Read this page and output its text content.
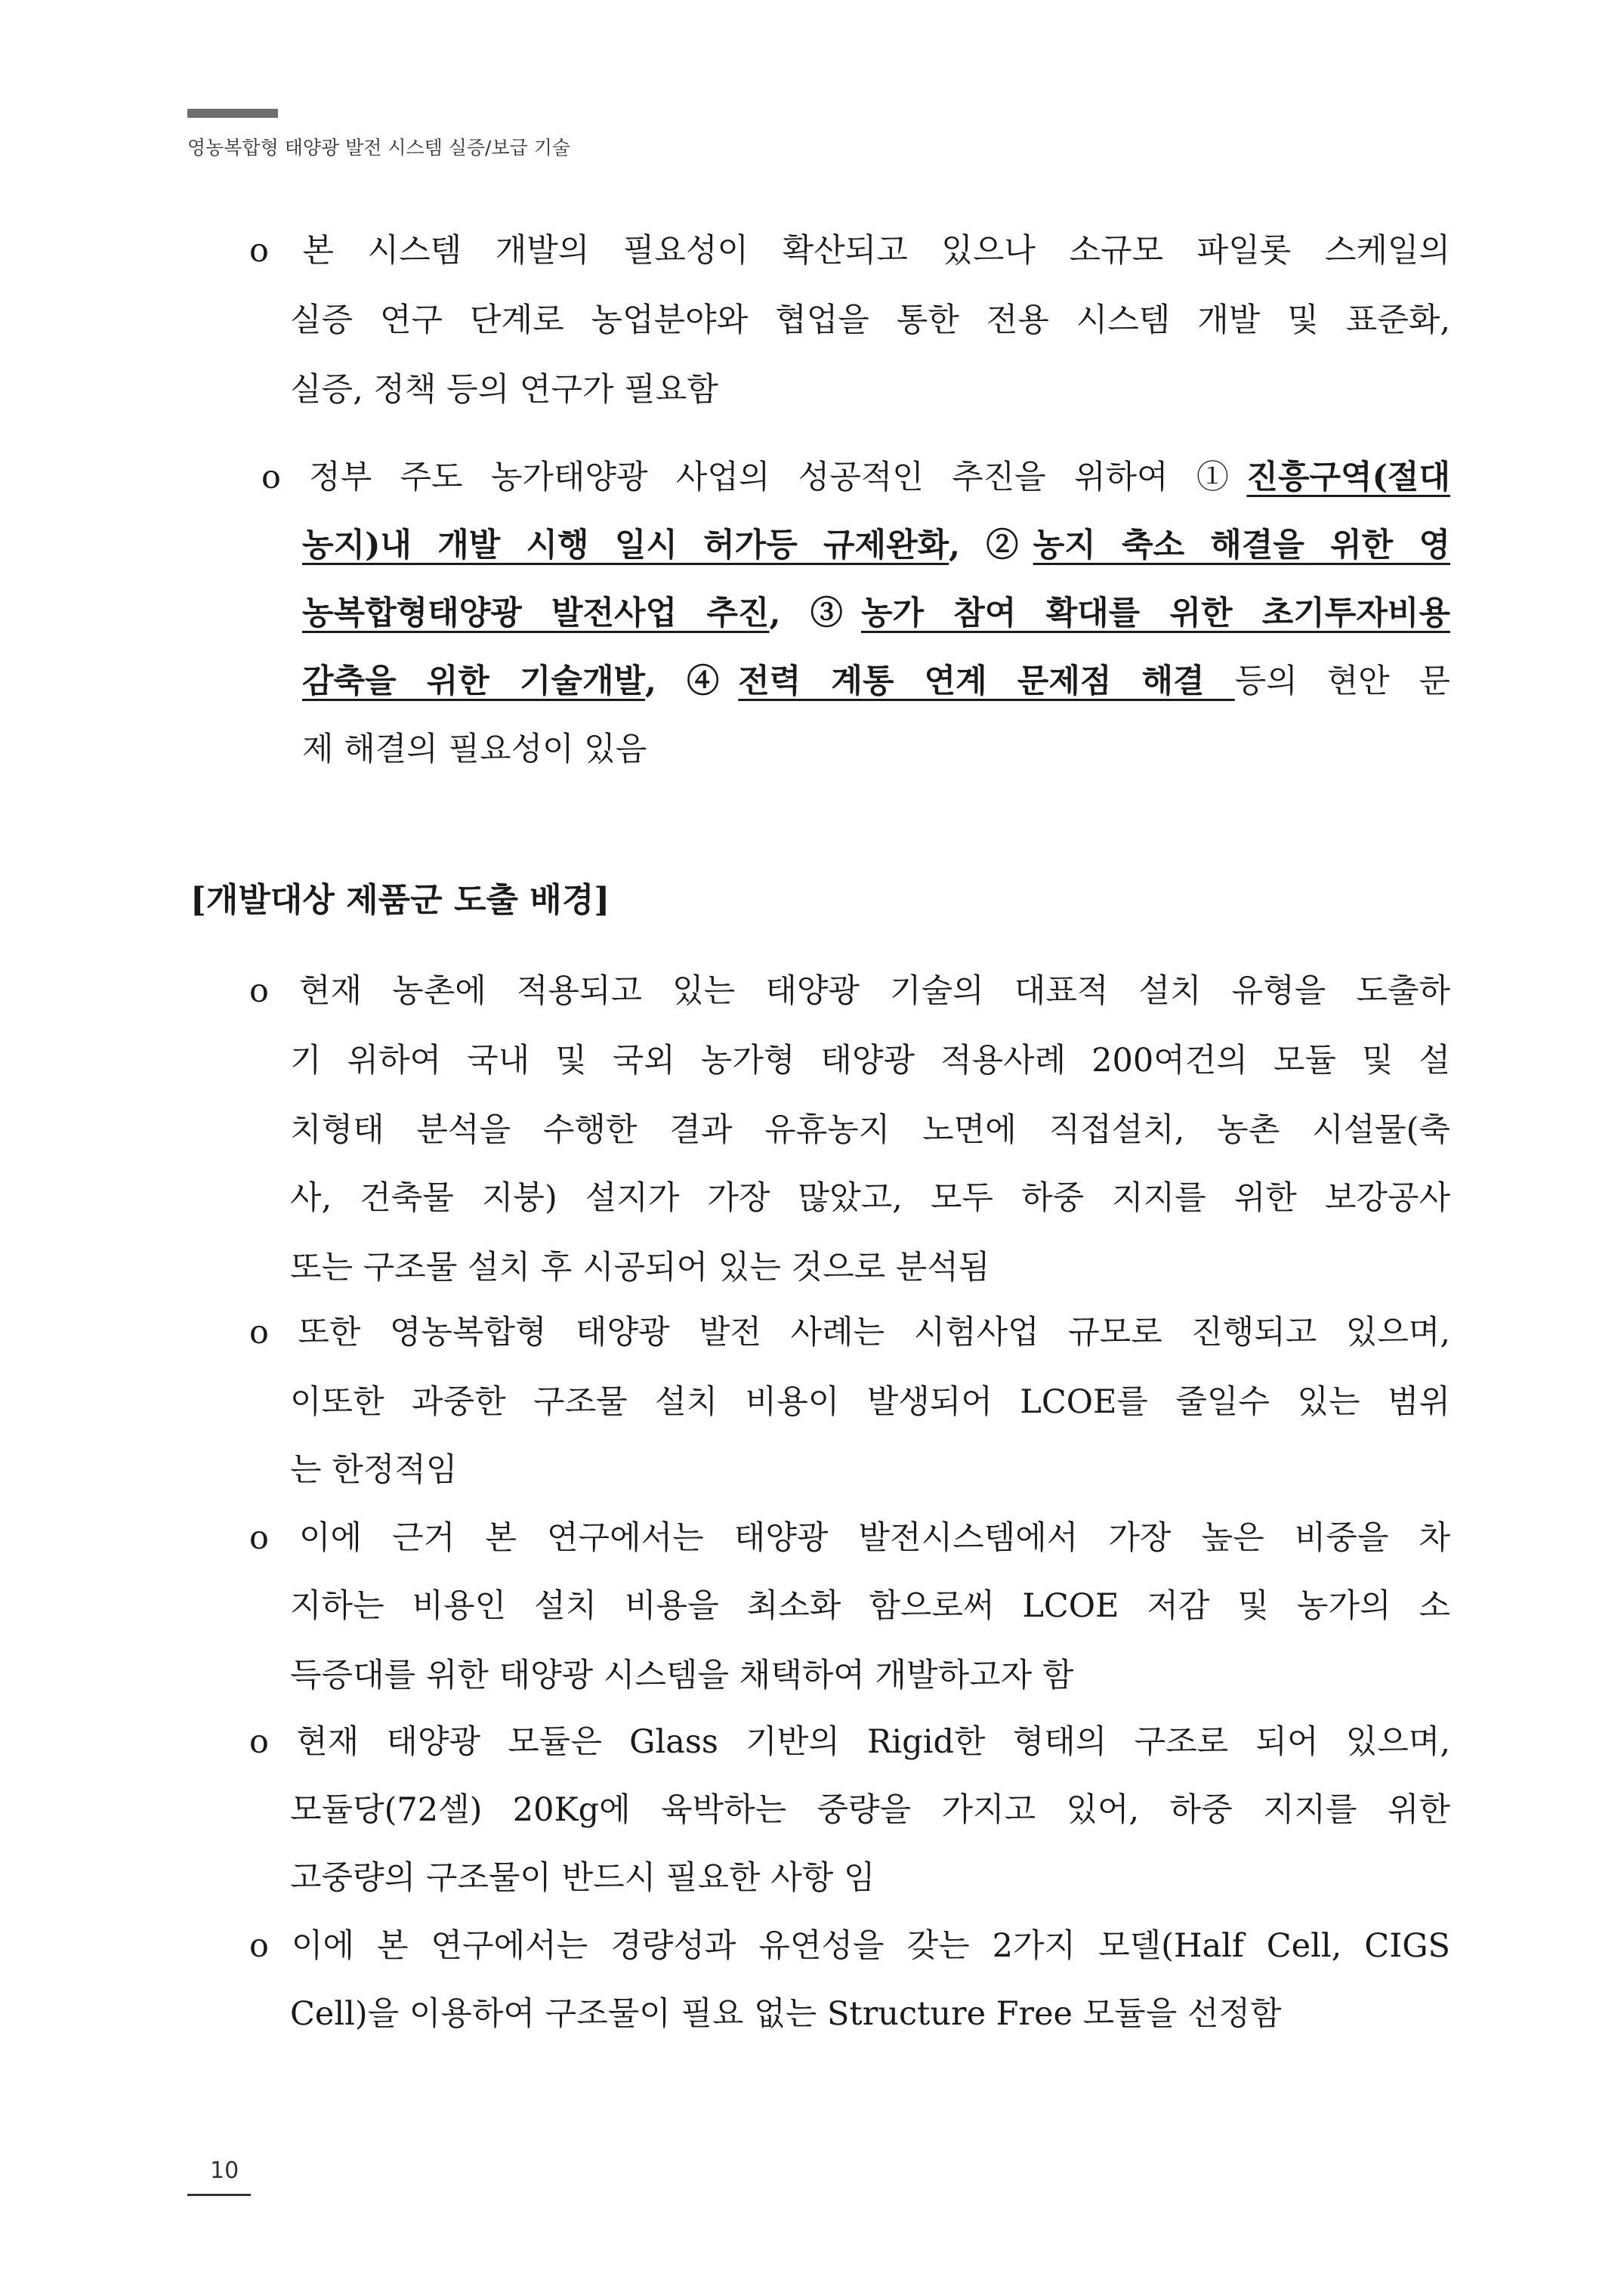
영농복합형 태양광 발전 시스템 실증/보급 기술
o 본 시스템 개발의 필요성이 확산되고 있으나 소규모 파일롯 스케일의
실증 연구 단계로 농업분야와 협업을 통한 전용 시스템 개발 및 표준화,
실증, 정책 등의 연구가 필요함
o 정부 주도 농가태양광 사업의 성공적인 추진을 위하여 ①진흥구역(절대
농지)내 개발 시행 일시 허가등 규제완화, ②농지 축소 해결을 위한 영
농복합형태양광 발전사업 추진, ③농가 참여 확대를 위한 초기투자비용
감축을 위한 기술개발, ④전력 계통 연계 문제점 해결 등의 현안 문
제 해결의 필요성이 있음
[개발대상 제품군 도출 배경]
o 현재 농촌에 적용되고 있는 태양광 기술의 대표적 설치 유형을 도출하
기 위하여 국내 및 국외 농가형 태양광 적용사례 200여건의 모듈 및 설
치형태 분석을 수행한 결과 유휴농지 노면에 직접설치, 농촌 시설물(축
사, 건축물 지붕) 설지가 가장 많았고, 모두 하중 지지를 위한 보강공사
또는 구조물 설치 후 시공되어 있는 것으로 분석됨
o 또한 영농복합형 태양광 발전 사례는 시험사업 규모로 진행되고 있으며,
이또한 과중한 구조물 설치 비용이 발생되어 LCOE를 줄일수 있는 범위
는 한정적임
o 이에 근거 본 연구에서는 태양광 발전시스템에서 가장 높은 비중을 차
지하는 비용인 설치 비용을 최소화 함으로써 LCOE 저감 및 농가의 소
득증대를 위한 태양광 시스템을 채택하여 개발하고자 함
o 현재 태양광 모듈은 Glass 기반의 Rigid한 형태의 구조로 되어 있으며,
모듈당(72셀) 20Kg에 육박하는 중량을 가지고 있어, 하중 지지를 위한
고중량의 구조물이 반드시 필요한 사항 임
o 이에 본 연구에서는 경량성과 유연성을 갖는 2가지 모델(Half Cell, CIGS
Cell)을 이용하여 구조물이 필요 없는 Structure Free 모듈을 선정함
10
